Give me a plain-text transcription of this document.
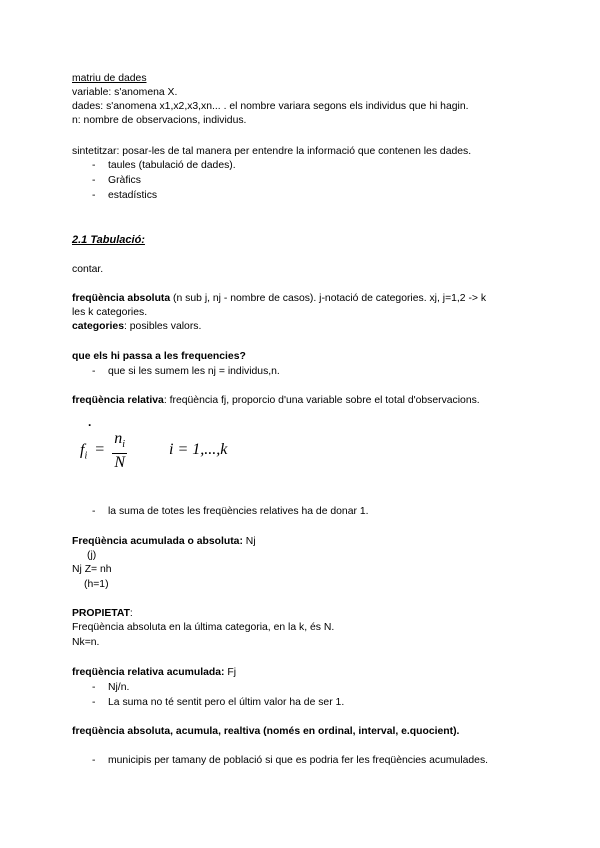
matriu de dades
variable: s'anomena X.
dades: s'anomena x1,x2,x3,xn... . el nombre variara segons els individus que hi hagin.
n: nombre de observacions, individus.
sintetitzar: posar-les de tal manera per entendre la informació que contenen les dades.
- taules (tabulació de dades).
- Gràfics
- estadístics
2.1 Tabulació:
contar.
freqüència absoluta (n sub j, nj - nombre de casos). j-notació de categories. xj, j=1,2 -> k
les k categories.
categories: posibles valors.
que els hi passa a les frequencies?
- que si les sumem les nj = individus,n.
freqüència relativa: freqüència fj, proporcio d'una variable sobre el total d'observacions.
.
$f_i = \frac{n_i}{N}$	i = 1,...,k
- la suma de totes les freqüències relatives ha de donar 1.
Freqüència acumulada o absoluta: Nj
(j)
Nj Z= nh
(h=1)
PROPIETAT:
Freqüència absoluta en la última categoria, en la k, és N.
Nk=n.
freqüència relativa acumulada: Fj
- Nj/n.
- La suma no té sentit pero el últim valor ha de ser 1.
freqüència absoluta, acumula, realtiva (només en ordinal, interval, e.quocient).
- municipis per tamany de població si que es podria fer les freqüències acumulades.
